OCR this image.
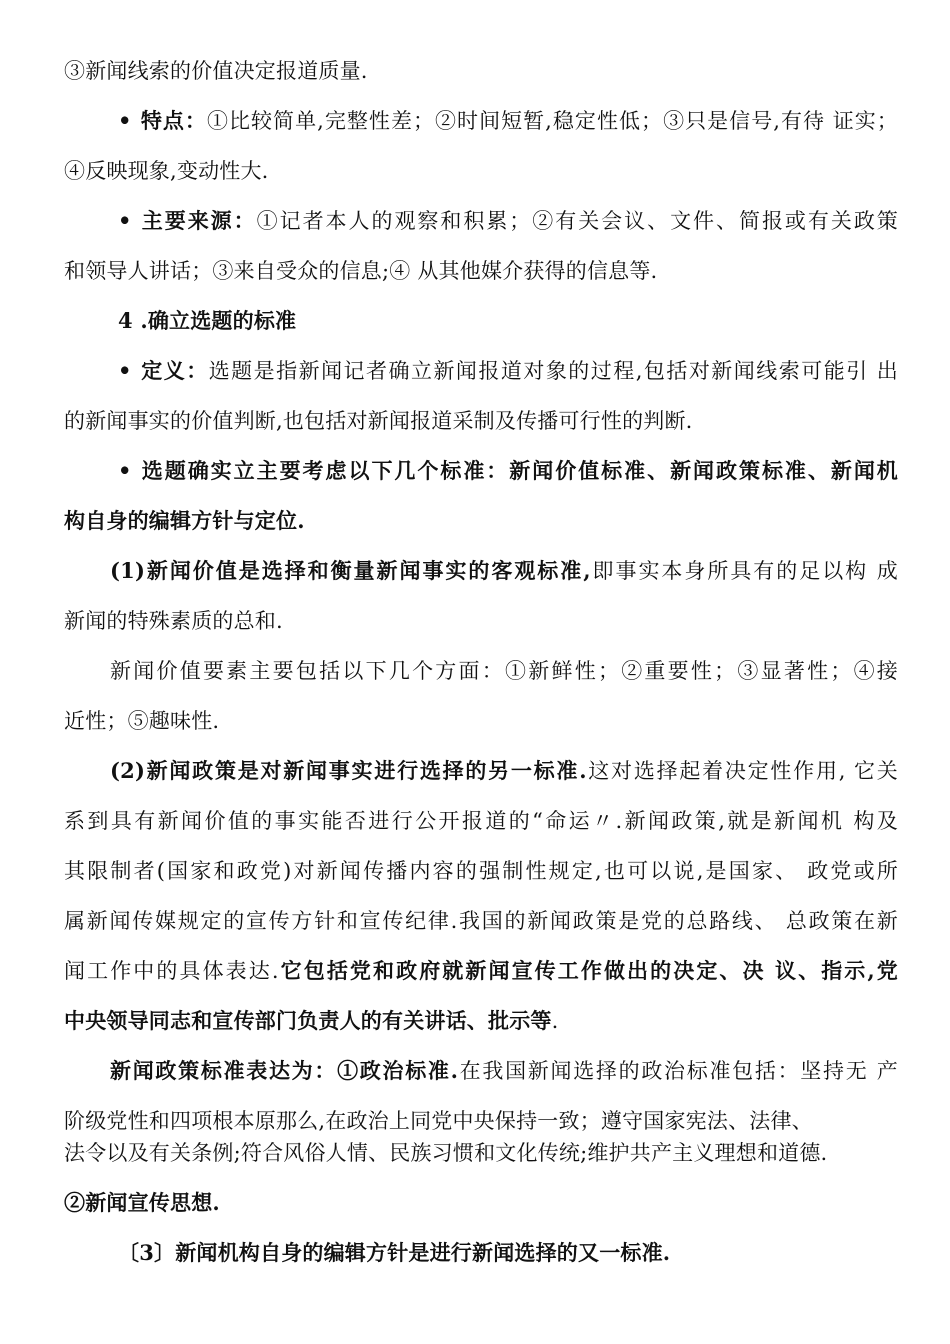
③新闻线索的价值决定报道质量.
• 特点：①比较简单,完整性差；②时间短暂,稳定性低；③只是信号,有待 证实；
④反映现象,变动性大.
• 主要来源：①记者本人的观察和积累；②有关会议、文件、简报或有关政策
和领导人讲话；③来自受众的信息;④ 从其他媒介获得的信息等.
4 .确立选题的标准
• 定义：选题是指新闻记者确立新闻报道对象的过程,包括对新闻线索可能引 出
的新闻事实的价值判断,也包括对新闻报道采制及传播可行性的判断.
• 选题确实立主要考虑以下几个标准：新闻价值标准、新闻政策标准、新闻机
构自身的编辑方针与定位.
(1)新闻价值是选择和衡量新闻事实的客观标准,即事实本身所具有的足以构 成
新闻的特殊素质的总和.
新闻价值要素主要包括以下几个方面：①新鲜性；②重要性；③显著性；④接
近性；⑤趣味性.
(2)新闻政策是对新闻事实进行选择的另一标准.这对选择起着决定性作用, 它关
系到具有新闻价值的事实能否进行公开报道的“命运〃.新闻政策,就是新闻机 构及
其限制者(国家和政党)对新闻传播内容的强制性规定,也可以说,是国家、 政党或所
属新闻传媒规定的宣传方针和宣传纪律.我国的新闻政策是党的总路线、 总政策在新
闻工作中的具体表达.它包括党和政府就新闻宣传工作做出的决定、决 议、指示,党
中央领导同志和宣传部门负责人的有关讲话、批示等.
新闻政策标准表达为：①政治标准.在我国新闻选择的政治标准包括：坚持无 产
阶级党性和四项根本原那么,在政治上同党中央保持一致；遵守国家宪法、法律、
法令以及有关条例;符合风俗人情、民族习惯和文化传统;维护共产主义理想和道德.
②新闻宣传思想.
〔3〕新闻机构自身的编辑方针是进行新闻选择的又一标准.
